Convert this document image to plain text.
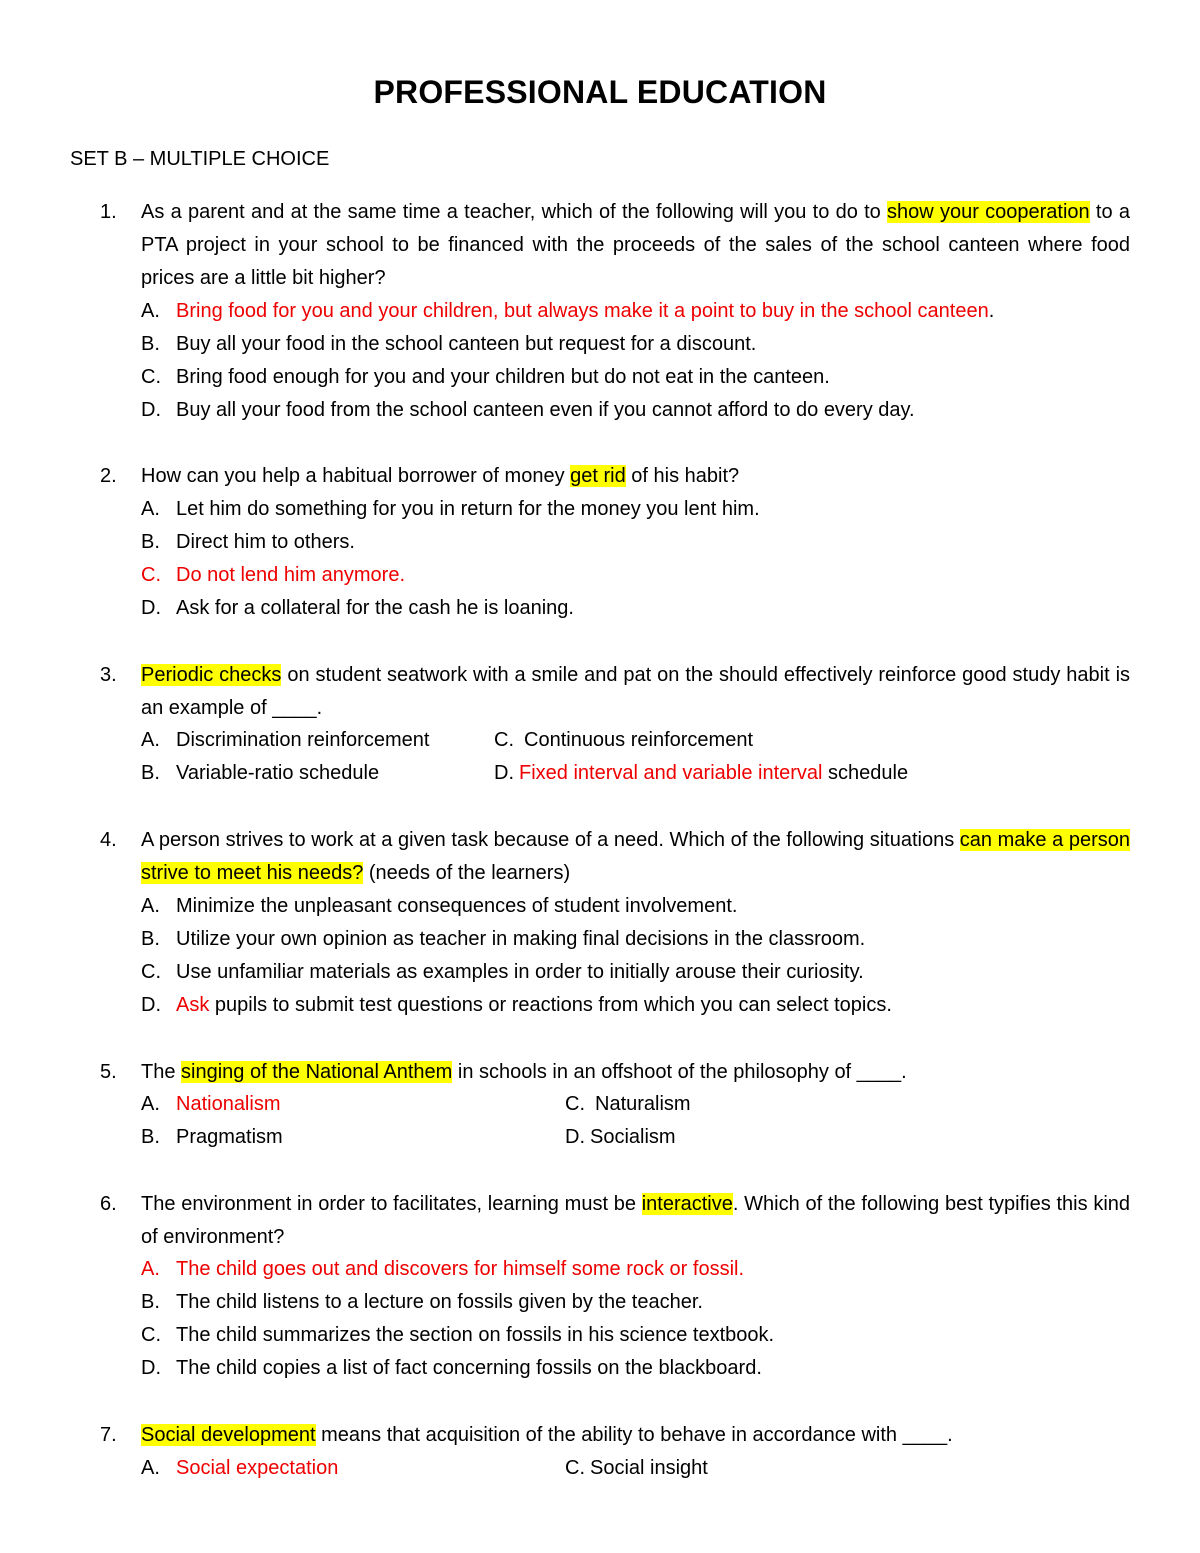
PROFESSIONAL EDUCATION
SET B – MULTIPLE CHOICE
1. As a parent and at the same time a teacher, which of the following will you to do to show your cooperation to a PTA project in your school to be financed with the proceeds of the sales of the school canteen where food prices are a little bit higher?
A. Bring food for you and your children, but always make it a point to buy in the school canteen.
B. Buy all your food in the school canteen but request for a discount.
C. Bring food enough for you and your children but do not eat in the canteen.
D. Buy all your food from the school canteen even if you cannot afford to do every day.
2. How can you help a habitual borrower of money get rid of his habit?
A. Let him do something for you in return for the money you lent him.
B. Direct him to others.
C. Do not lend him anymore.
D. Ask for a collateral for the cash he is loaning.
3. Periodic checks on student seatwork with a smile and pat on the should effectively reinforce good study habit is an example of ____.
A. Discrimination reinforcement	C. Continuous reinforcement
B. Variable-ratio schedule	D. Fixed interval and variable interval schedule
4. A person strives to work at a given task because of a need. Which of the following situations can make a person strive to meet his needs? (needs of the learners)
A. Minimize the unpleasant consequences of student involvement.
B. Utilize your own opinion as teacher in making final decisions in the classroom.
C. Use unfamiliar materials as examples in order to initially arouse their curiosity.
D. Ask pupils to submit test questions or reactions from which you can select topics.
5. The singing of the National Anthem in schools in an offshoot of the philosophy of ____.
A. Nationalism	C. Naturalism
B. Pragmatism	D. Socialism
6. The environment in order to facilitates, learning must be interactive. Which of the following best typifies this kind of environment?
A. The child goes out and discovers for himself some rock or fossil.
B. The child listens to a lecture on fossils given by the teacher.
C. The child summarizes the section on fossils in his science textbook.
D. The child copies a list of fact concerning fossils on the blackboard.
7. Social development means that acquisition of the ability to behave in accordance with ____.
A. Social expectation	C. Social insight
